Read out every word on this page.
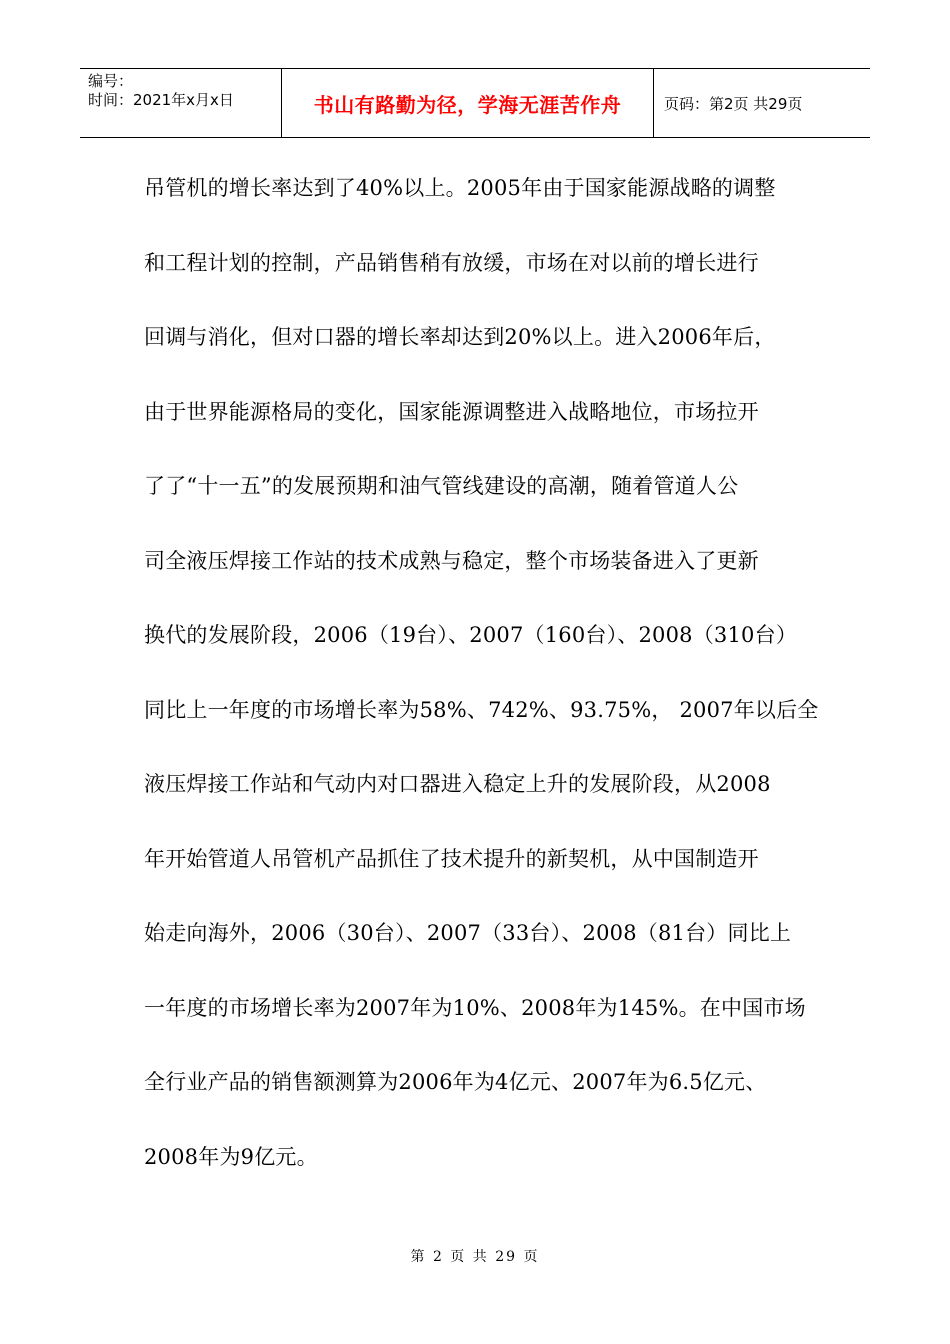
编号：
时间：2021年x月x日	书山有路勤为径，学海无涯苦作舟	页码：第2页 共29页
吊管机的增长率达到了40%以上。2005年由于国家能源战略的调整
和工程计划的控制，产品销售稍有放缓，市场在对以前的增长进行
回调与消化，但对口器的增长率却达到20%以上。进入2006年后，
由于世界能源格局的变化，国家能源调整进入战略地位，市场拉开
了了“十一五”的发展预期和油气管线建设的高潮，随着管道人公
司全液压焊接工作站的技术成熟与稳定，整个市场装备进入了更新
换代的发展阶段，2006（19台）、2007（160台）、2008（310台）
同比上一年度的市场增长率为58%、742%、93.75%， 2007年以后全
液压焊接工作站和气动内对口器进入稳定上升的发展阶段，从2008
年开始管道人吊管机产品抓住了技术提升的新契机，从中国制造开
始走向海外，2006（30台）、2007（33台）、2008（81台）同比上
一年度的市场增长率为2007年为10%、2008年为145%。在中国市场
全行业产品的销售额测算为2006年为4亿元、2007年为6.5亿元、
2008年为9亿元。
第 2 页 共 29 页
